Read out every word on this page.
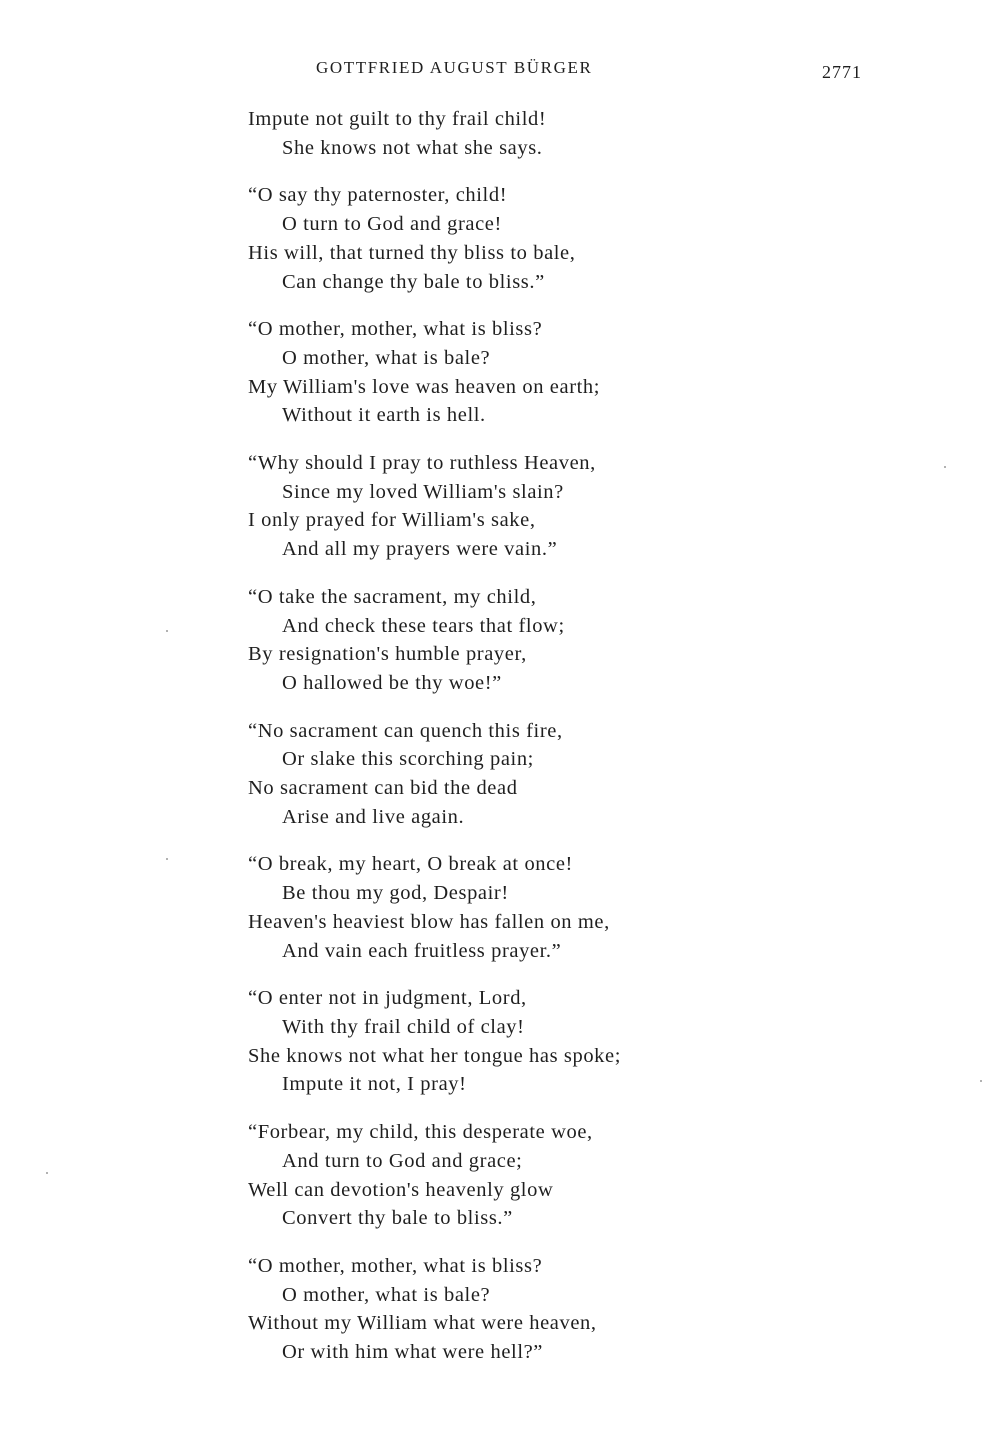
GOTTFRIED AUGUST BÜRGER	2771
Impute not guilt to thy frail child!
She knows not what she says.
“O say thy paternoster, child!
O turn to God and grace!
His will, that turned thy bliss to bale,
Can change thy bale to bliss.”
“O mother, mother, what is bliss?
O mother, what is bale?
My William's love was heaven on earth;
Without it earth is hell.
“Why should I pray to ruthless Heaven,
Since my loved William's slain?
I only prayed for William's sake,
And all my prayers were vain.”
“O take the sacrament, my child,
And check these tears that flow;
By resignation's humble prayer,
O hallowed be thy woe!”
“No sacrament can quench this fire,
Or slake this scorching pain;
No sacrament can bid the dead
Arise and live again.
“O break, my heart, O break at once!
Be thou my god, Despair!
Heaven's heaviest blow has fallen on me,
And vain each fruitless prayer.”
“O enter not in judgment, Lord,
With thy frail child of clay!
She knows not what her tongue has spoke;
Impute it not, I pray!
“Forbear, my child, this desperate woe,
And turn to God and grace;
Well can devotion's heavenly glow
Convert thy bale to bliss.”
“O mother, mother, what is bliss?
O mother, what is bale?
Without my William what were heaven,
Or with him what were hell?”
